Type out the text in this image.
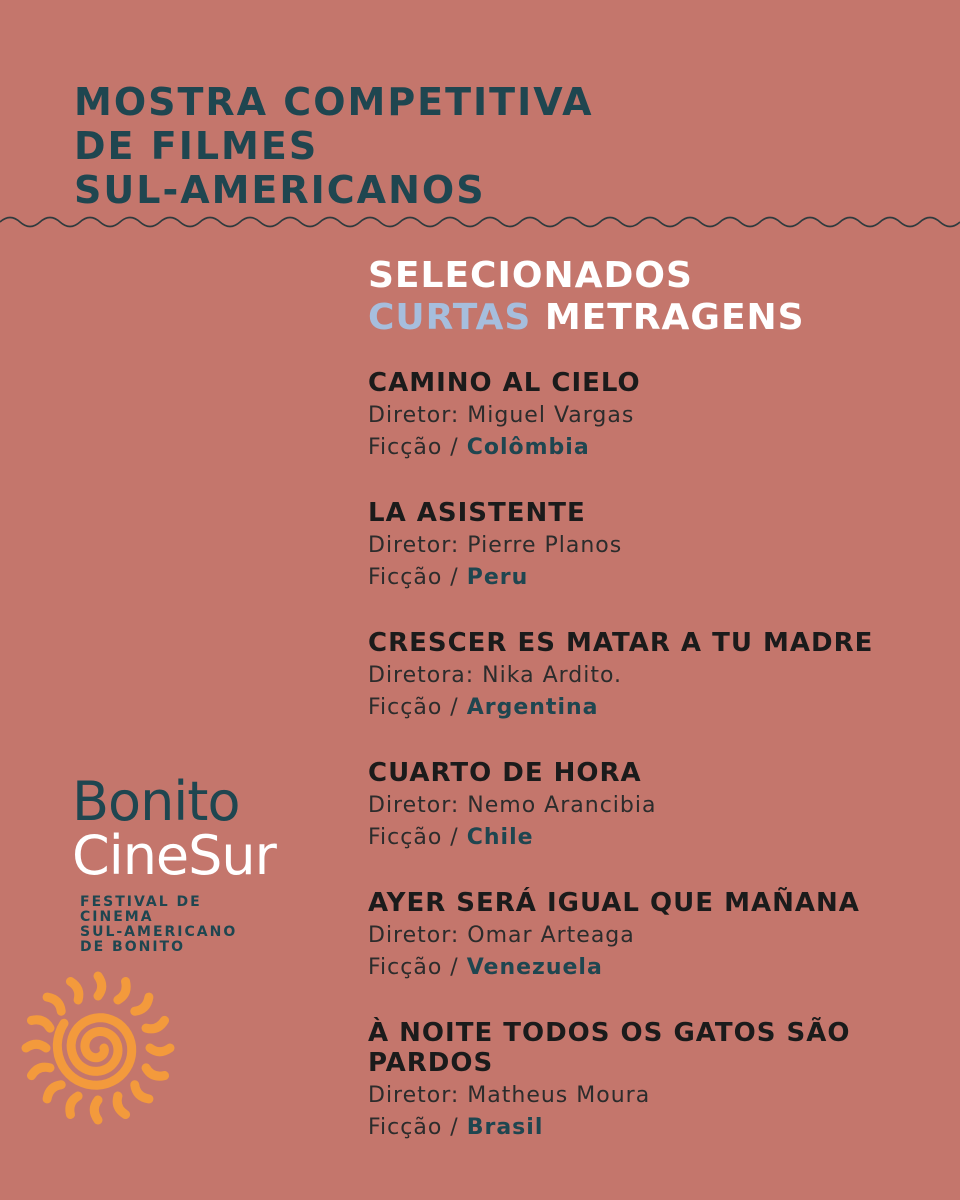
MOSTRA COMPETITIVA
DE FILMES
SUL-AMERICANOS
SELECIONADOS
CURTAS METRAGENS
CAMINO AL CIELO
Diretor: Miguel Vargas
Ficção / Colômbia
LA ASISTENTE
Diretor: Pierre Planos
Ficção / Peru
CRESCER ES MATAR A TU MADRE
Diretora: Nika Ardito.
Ficção / Argentina
CUARTO DE HORA
Diretor: Nemo Arancibia
Ficção / Chile
AYER SERÁ IGUAL QUE MAÑANA
Diretor: Omar Arteaga
Ficção / Venezuela
À NOITE TODOS OS GATOS SÃO PARDOS
Diretor: Matheus Moura
Ficção / Brasil
Bonito
CineSur
FESTIVAL DE
CINEMA
SUL-AMERICANO
DE BONITO
